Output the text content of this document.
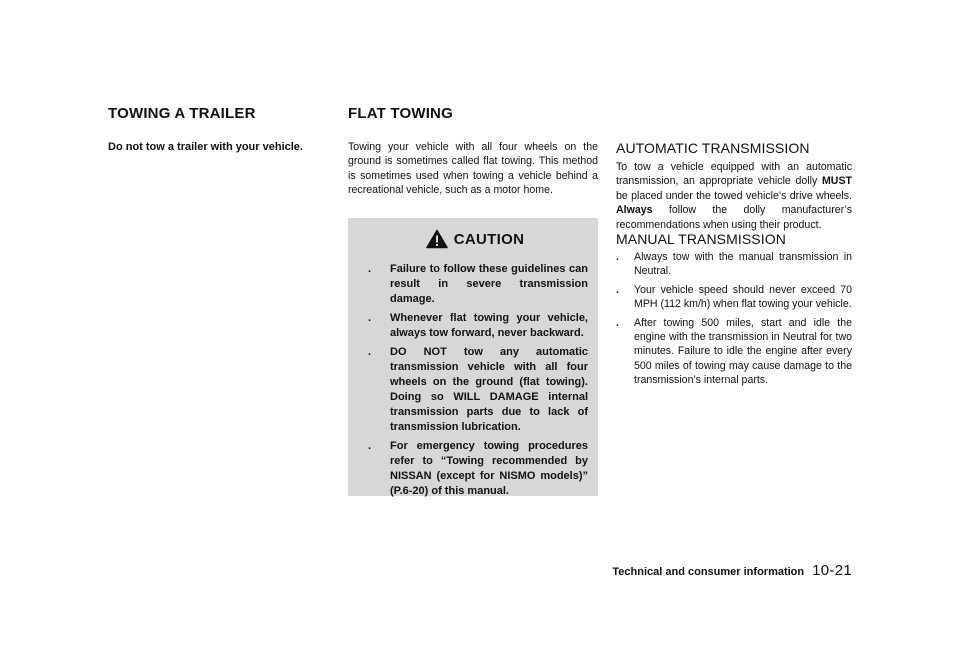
TOWING A TRAILER

Do not tow a trailer with your vehicle.

FLAT TOWING

Towing your vehicle with all four wheels on the ground is sometimes called flat towing. This method is sometimes used when towing a vehicle behind a recreational vehicle, such as a motor home.

CAUTION
. Failure to follow these guidelines can result in severe transmission damage.
. Whenever flat towing your vehicle, always tow forward, never backward.
. DO NOT tow any automatic transmission vehicle with all four wheels on the ground (flat towing). Doing so WILL DAMAGE internal transmission parts due to lack of transmission lubrication.
. For emergency towing procedures refer to “Towing recommended by NISSAN (except for NISMO models)” (P.6-20) of this manual.
AUTOMATIC TRANSMISSION

To tow a vehicle equipped with an automatic transmission, an appropriate vehicle dolly MUST be placed under the towed vehicle’s drive wheels. Always follow the dolly manufacturer’s recommendations when using their product.

MANUAL TRANSMISSION
. Always tow with the manual transmission in Neutral.
. Your vehicle speed should never exceed 70 MPH (112 km/h) when flat towing your vehicle.
. After towing 500 miles, start and idle the engine with the transmission in Neutral for two minutes. Failure to idle the engine after every 500 miles of towing may cause damage to the transmission’s internal parts.
Technical and consumer information 10-21
